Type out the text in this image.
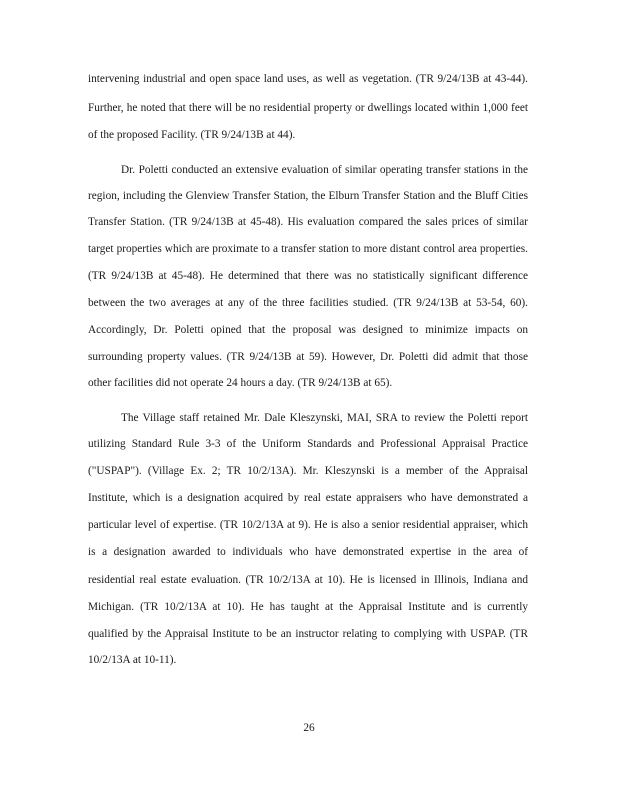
intervening industrial and open space land uses, as well as vegetation. (TR 9/24/13B at 43-44).
Further, he noted that there will be no residential property or dwellings located within 1,000 feet
of the proposed Facility. (TR 9/24/13B at 44).
Dr. Poletti conducted an extensive evaluation of similar operating transfer stations in the
region, including the Glenview Transfer Station, the Elburn Transfer Station and the Bluff Cities
Transfer Station. (TR 9/24/13B at 45-48). His evaluation compared the sales prices of similar
target properties which are proximate to a transfer station to more distant control area properties.
(TR 9/24/13B at 45-48). He determined that there was no statistically significant difference
between the two averages at any of the three facilities studied. (TR 9/24/13B at 53-54, 60).
Accordingly, Dr. Poletti opined that the proposal was designed to minimize impacts on
surrounding property values. (TR 9/24/13B at 59). However, Dr. Poletti did admit that those
other facilities did not operate 24 hours a day. (TR 9/24/13B at 65).
The Village staff retained Mr. Dale Kleszynski, MAI, SRA to review the Poletti report
utilizing Standard Rule 3-3 of the Uniform Standards and Professional Appraisal Practice
("USPAP"). (Village Ex. 2; TR 10/2/13A). Mr. Kleszynski is a member of the Appraisal
Institute, which is a designation acquired by real estate appraisers who have demonstrated a
particular level of expertise. (TR 10/2/13A at 9). He is also a senior residential appraiser, which
is a designation awarded to individuals who have demonstrated expertise in the area of
residential real estate evaluation. (TR 10/2/13A at 10). He is licensed in Illinois, Indiana and
Michigan. (TR 10/2/13A at 10). He has taught at the Appraisal Institute and is currently
qualified by the Appraisal Institute to be an instructor relating to complying with USPAP. (TR
10/2/13A at 10-11).
26
